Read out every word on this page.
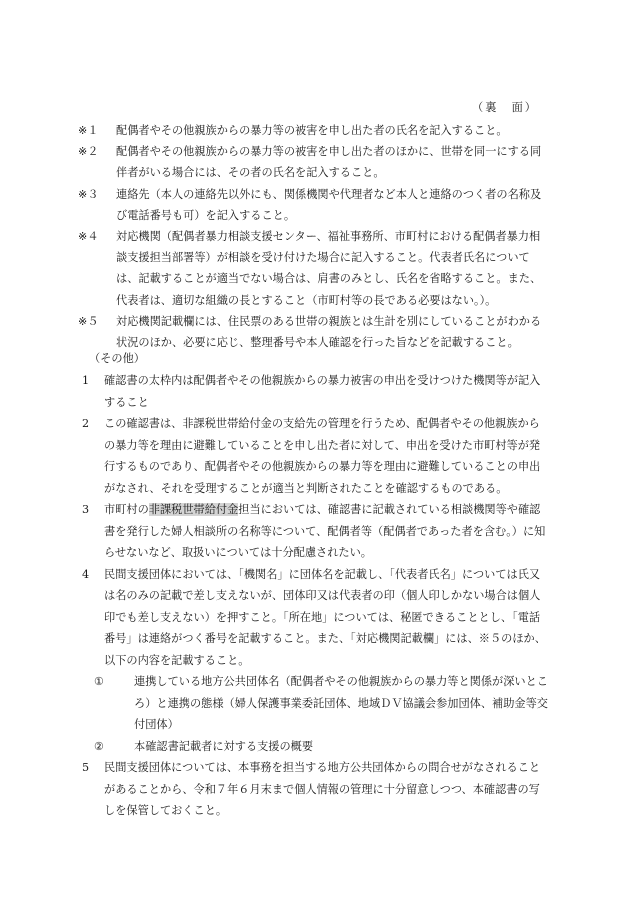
（裏　面）

※１	配偶者やその他親族からの暴力等の被害を申し出た者の氏名を記入すること。

※２	配偶者やその他親族からの暴力等の被害を申し出た者のほかに、世帯を同一にする同伴者がいる場合には、その者の氏名を記入すること。

※３	連絡先（本人の連絡先以外にも、関係機関や代理者など本人と連絡のつく者の名称及び電話番号も可）を記入すること。

※４	対応機関（配偶者暴力相談支援センター、福祉事務所、市町村における配偶者暴力相談支援担当部署等）が相談を受け付けた場合に記入すること。代表者氏名については、記載することが適当でない場合は、肩書のみとし、氏名を省略すること。また、代表者は、適切な組織の長とすること（市町村等の長である必要はない。）。

※５	対応機関記載欄には、住民票のある世帯の親族とは生計を別にしていることがわかる状況のほか、必要に応じ、整理番号や本人確認を行った旨などを記載すること。

（その他）

1	確認書の太枠内は配偶者やその他親族からの暴力被害の申出を受けつけた機関等が記入すること

2	この確認書は、非課税世帯給付金の支給先の管理を行うため、配偶者やその他親族からの暴力等を理由に避難していることを申し出た者に対して、申出を受けた市町村等が発行するものであり、配偶者やその他親族からの暴力等を理由に避難していることの申出がなされ、それを受理することが適当と判断されたことを確認するものである。

3	市町村の非課税世帯給付金担当においては、確認書に記載されている相談機関等や確認書を発行した婦人相談所の名称等について、配偶者等（配偶者であった者を含む。）に知らせないなど、取扱いについては十分配慮されたい。

4	民間支援団体においては、「機関名」に団体名を記載し、「代表者氏名」については氏又は名のみの記載で差し支えないが、団体印又は代表者の印（個人印しかない場合は個人印でも差し支えない）を押すこと。「所在地」については、秘匿できることとし、「電話番号」は連絡がつく番号を記載すること。また、「対応機関記載欄」には、※５のほか、以下の内容を記載すること。

①	連携している地方公共団体名（配偶者やその他親族からの暴力等と関係が深いところ）と連携の態様（婦人保護事業委託団体、地域ＤＶ協議会参加団体、補助金等交付団体）

②	本確認書記載者に対する支援の概要

5	民間支援団体については、本事務を担当する地方公共団体からの問合せがなされることがあることから、令和７年６月末まで個人情報の管理に十分留意しつつ、本確認書の写しを保管しておくこと。
